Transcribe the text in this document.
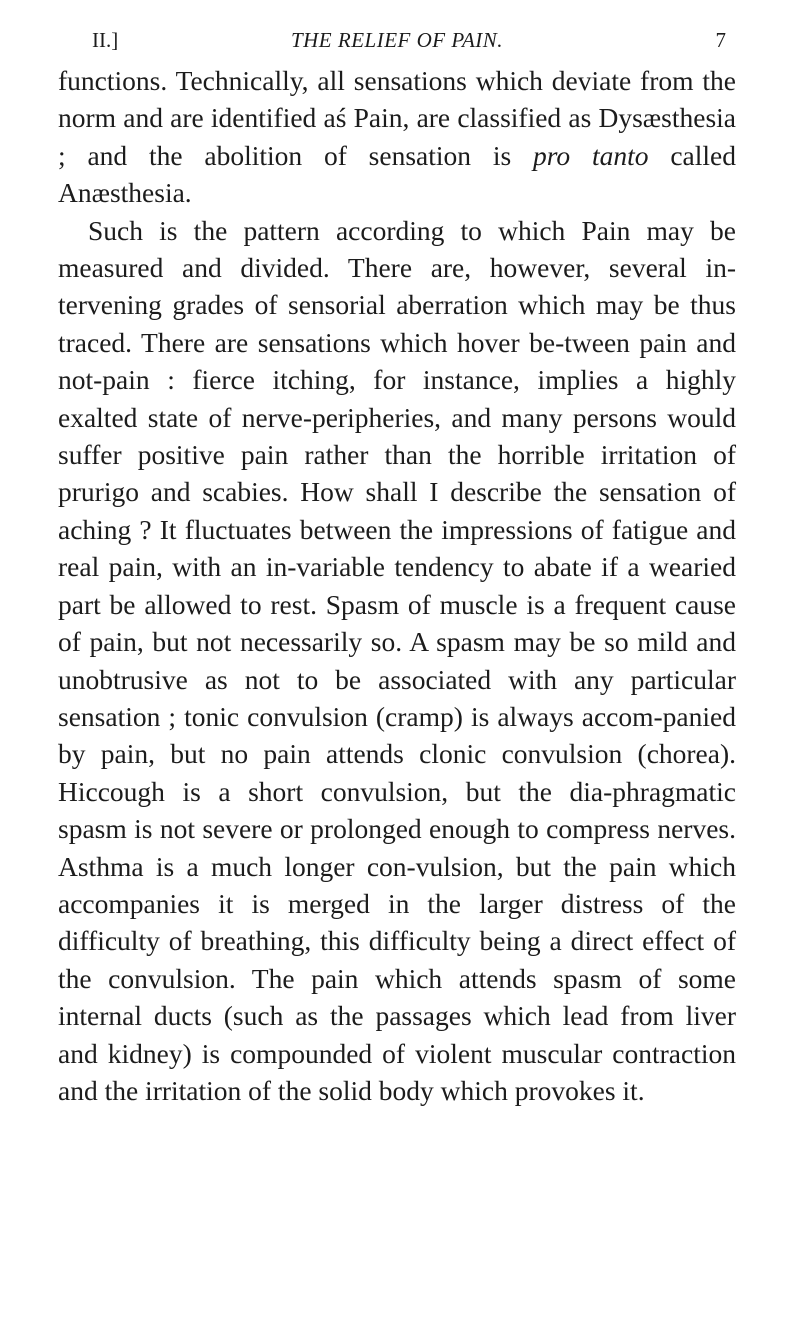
II.]	THE RELIEF OF PAIN.	7

functions. Technically, all sensations which deviate from the norm and are identified aś Pain, are classified as Dysæsthesia ; and the abolition of sensation is pro tanto called Anæsthesia.

Such is the pattern according to which Pain may be measured and divided. There are, however, several in-tervening grades of sensorial aberration which may be thus traced. There are sensations which hover be-tween pain and not-pain : fierce itching, for instance, implies a highly exalted state of nerve-peripheries, and many persons would suffer positive pain rather than the horrible irritation of prurigo and scabies. How shall I describe the sensation of aching ? It fluctuates between the impressions of fatigue and real pain, with an in-variable tendency to abate if a wearied part be allowed to rest. Spasm of muscle is a frequent cause of pain, but not necessarily so. A spasm may be so mild and unobtrusive as not to be associated with any particular sensation ; tonic convulsion (cramp) is always accom-panied by pain, but no pain attends clonic convulsion (chorea). Hiccough is a short convulsion, but the dia-phragmatic spasm is not severe or prolonged enough to compress nerves. Asthma is a much longer con-vulsion, but the pain which accompanies it is merged in the larger distress of the difficulty of breathing, this difficulty being a direct effect of the convulsion. The pain which attends spasm of some internal ducts (such as the passages which lead from liver and kidney) is compounded of violent muscular contraction and the irritation of the solid body which provokes it.
